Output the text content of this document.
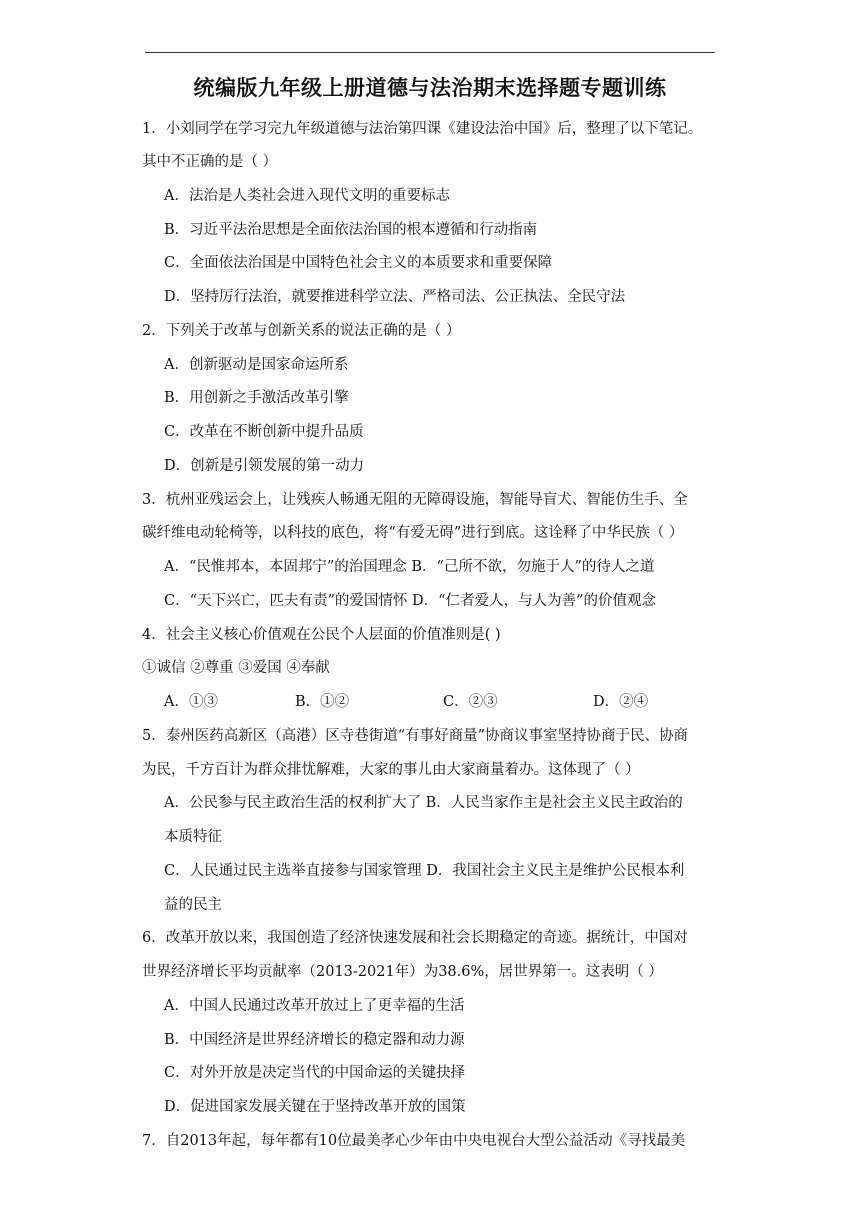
统编版九年级上册道德与法治期末选择题专题训练
1．小刘同学在学习完九年级道德与法治第四课《建设法治中国》后，整理了以下笔记。
其中不正确的是（ ）
A．法治是人类社会进入现代文明的重要标志
B．习近平法治思想是全面依法治国的根本遵循和行动指南
C．全面依法治国是中国特色社会主义的本质要求和重要保障
D．坚持厉行法治，就要推进科学立法、严格司法、公正执法、全民守法
2．下列关于改革与创新关系的说法正确的是（ ）
A．创新驱动是国家命运所系
B．用创新之手激活改革引擎
C．改革在不断创新中提升品质
D．创新是引领发展的第一动力
3．杭州亚残运会上，让残疾人畅通无阻的无障碍设施，智能导盲犬、智能仿生手、全
碳纤维电动轮椅等，以科技的底色，将“有爱无碍”进行到底。这诠释了中华民族（ ）
A．“民惟邦本，本固邦宁”的治国理念 B．“己所不欲，勿施于人”的待人之道
C．“天下兴亡，匹夫有责”的爱国情怀 D．“仁者爱人，与人为善”的价值观念
4．社会主义核心价值观在公民个人层面的价值准则是( )
①诚信 ②尊重 ③爱国 ④奉献
A．①③	B．①②	C．②③	D．②④
5．泰州医药高新区（高港）区寺巷街道“有事好商量”协商议事室坚持协商于民、协商
为民，千方百计为群众排忧解难，大家的事儿由大家商量着办。这体现了（ ）
A．公民参与民主政治生活的权利扩大了 B．人民当家作主是社会主义民主政治的
本质特征
C．人民通过民主选举直接参与国家管理 D．我国社会主义民主是维护公民根本利
益的民主
6．改革开放以来，我国创造了经济快速发展和社会长期稳定的奇迹。据统计，中国对
世界经济增长平均贡献率（2013-2021年）为38.6%，居世界第一。这表明（ ）
A．中国人民通过改革开放过上了更幸福的生活
B．中国经济是世界经济增长的稳定器和动力源
C．对外开放是决定当代的中国命运的关键抉择
D．促进国家发展关键在于坚持改革开放的国策
7．自2013年起，每年都有10位最美孝心少年由中央电视台大型公益活动《寻找最美
